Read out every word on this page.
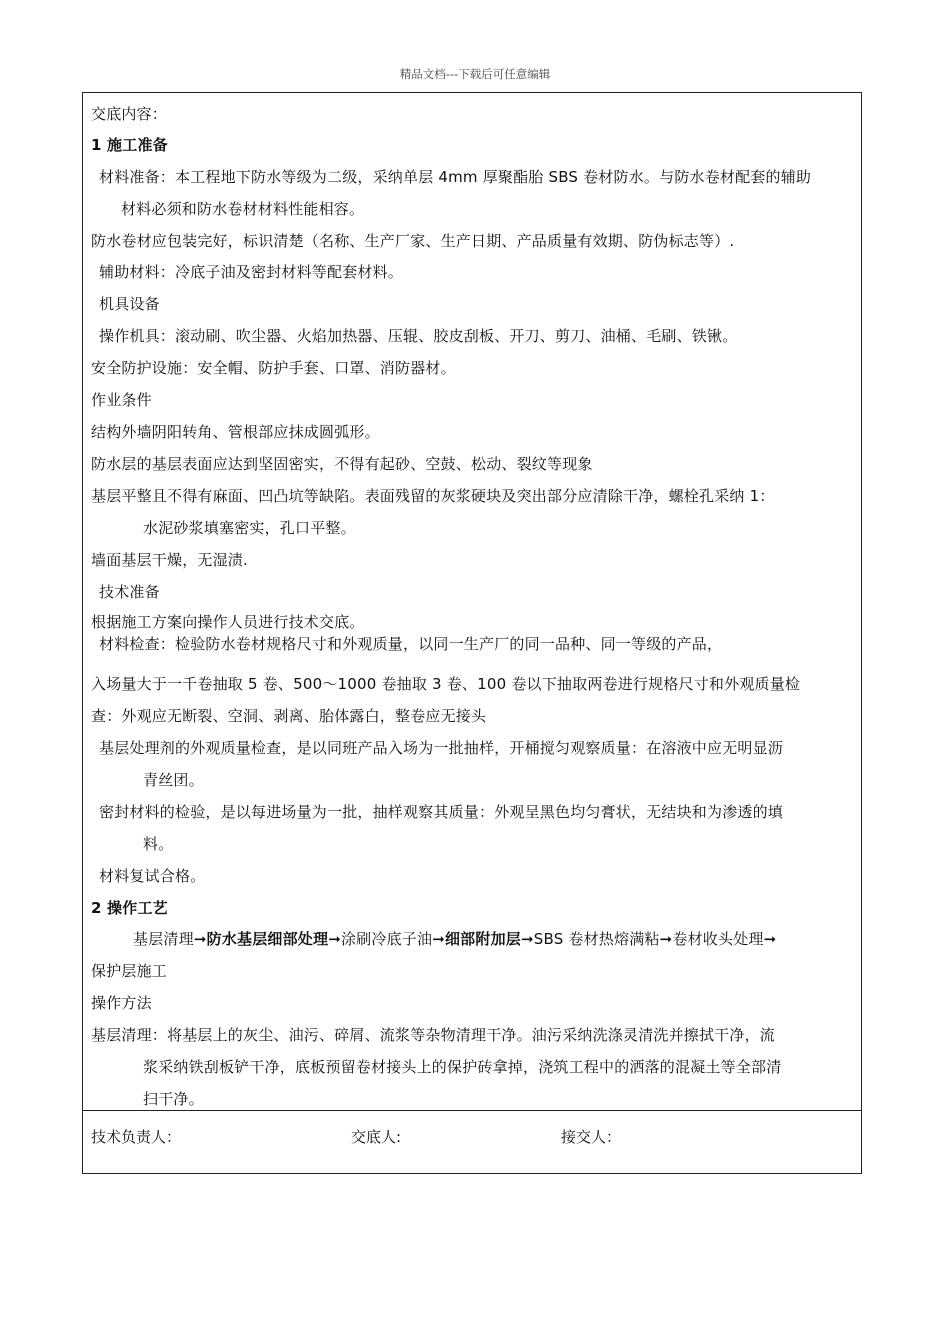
精品文档---下载后可任意编辑
基层清理➞防水基层细部处理➞涂刷冷底子油➞细部附加层➞SBS 卷材热熔满粘➞卷材收头处理➞
交底内容：
1 施工准备
材料准备：本工程地下防水等级为二级，采纳单层 4mm 厚聚酯胎 SBS 卷材防水。与防水卷材配套的辅助
材料必须和防水卷材材料性能相容。
防水卷材应包装完好，标识清楚（名称、生产厂家、生产日期、产品质量有效期、防伪标志等）.
辅助材料：冷底子油及密封材料等配套材料。
机具设备
操作机具：滚动刷、吹尘器、火焰加热器、压辊、胶皮刮板、开刀、剪刀、油桶、毛刷、铁锹。
安全防护设施：安全帽、防护手套、口罩、消防器材。
作业条件
结构外墙阴阳转角、管根部应抹成圆弧形。
防水层的基层表面应达到坚固密实，不得有起砂、空鼓、松动、裂纹等现象
基层平整且不得有麻面、凹凸坑等缺陷。表面残留的灰浆硬块及突出部分应清除干净，螺栓孔采纳 1：
水泥砂浆填塞密实，孔口平整。
墙面基层干燥，无湿渍.
技术准备
根据施工方案向操作人员进行技术交底。
材料检查：检验防水卷材规格尺寸和外观质量，以同一生产厂的同一品种、同一等级的产品，
入场量大于一千卷抽取 5 卷、500～1000 卷抽取 3 卷、100 卷以下抽取两卷进行规格尺寸和外观质量检
查：外观应无断裂、空洞、剥离、胎体露白，整卷应无接头
基层处理剂的外观质量检查，是以同班产品入场为一批抽样，开桶搅匀观察质量：在溶液中应无明显沥
青丝团。
密封材料的检验，是以每进场量为一批，抽样观察其质量：外观呈黑色均匀膏状，无结块和为渗透的填
料。
材料复试合格。
2 操作工艺
保护层施工
操作方法
基层清理：将基层上的灰尘、油污、碎屑、流浆等杂物清理干净。油污采纳洗涤灵清洗并擦拭干净，流
浆采纳铁刮板铲干净，底板预留卷材接头上的保护砖拿掉，浇筑工程中的洒落的混凝土等全部清
扫干净。
技术负责人：	交底人:	接交人：
